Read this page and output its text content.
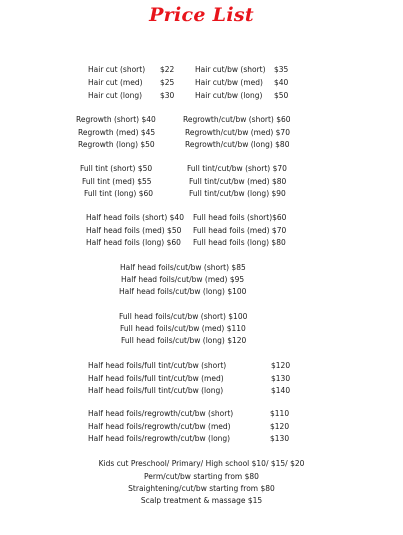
Price List
Hair cut (short) $22	Hair cut/bw (short) $35
Hair cut (med) $25	Hair cut/bw (med) $40
Hair cut (long) $30	Hair cut/bw (long) $50
Regrowth (short) $40	Regrowth/cut/bw (short) $60
Regrowth (med) $45	Regrowth/cut/bw (med) $70
Regrowth (long) $50	Regrowth/cut/bw (long) $80
Full tint (short) $50	Full tint/cut/bw (short) $70
Full tint (med) $55	Full tint/cut/bw (med) $80
Full tint (long) $60	Full tint/cut/bw (long) $90
Half head foils (short) $40 Full head foils (short)$60
Half head foils (med) $50 Full head foils (med) $70
Half head foils (long) $60 Full head foils (long) $80
Half head foils/cut/bw (short) $85
Half head foils/cut/bw (med) $95
Half head foils/cut/bw (long) $100
Full head foils/cut/bw (short) $100
Full head foils/cut/bw (med) $110
Full head foils/cut/bw (long) $120
Half head foils/full tint/cut/bw (short)	$120
Half head foils/full tint/cut/bw (med)	$130
Half head foils/full tint/cut/bw (long)	$140
Half head foils/regrowth/cut/bw (short)	$110
Half head foils/regrowth/cut/bw (med)	$120
Half head foils/regrowth/cut/bw (long)	$130
Kids cut Preschool/ Primary/ High school $10/ $15/ $20
Perm/cut/bw starting from $80
Straightening/cut/bw starting from $80
Scalp treatment & massage $15
